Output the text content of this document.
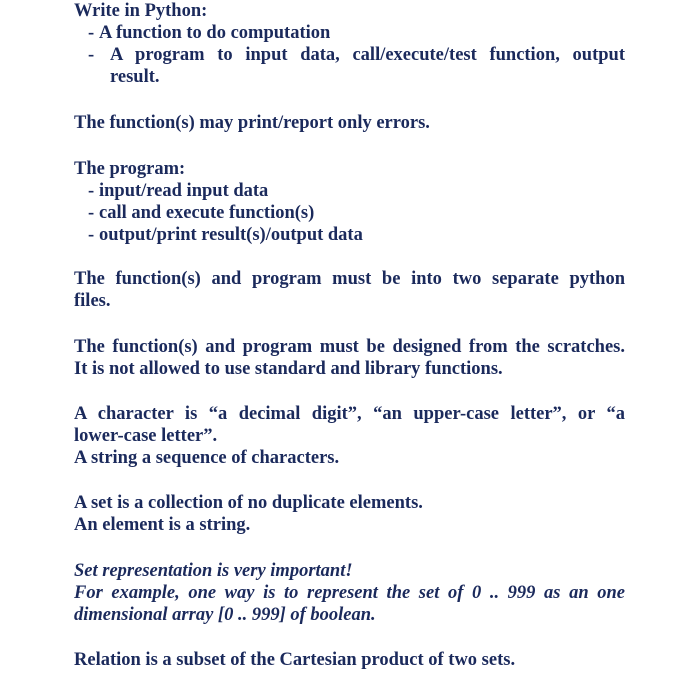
Write in Python:
- A function to do computation
- A program to input data, call/execute/test function, output
result.
The function(s) may print/report only errors.
The program:
- input/read input data
- call and execute function(s)
- output/print result(s)/output data
The function(s) and program must be into two separate python
files.
The function(s) and program must be designed from the scratches.
It is not allowed to use standard and library functions.
A character is “a decimal digit”, “an upper-case letter”, or “a
lower-case letter”.
A string a sequence of characters.
A set is a collection of no duplicate elements.
An element is a string.
Set representation is very important!
For example, one way is to represent the set of 0 .. 999 as an one
dimensional array [0 .. 999] of boolean.
Relation is a subset of the Cartesian product of two sets.
